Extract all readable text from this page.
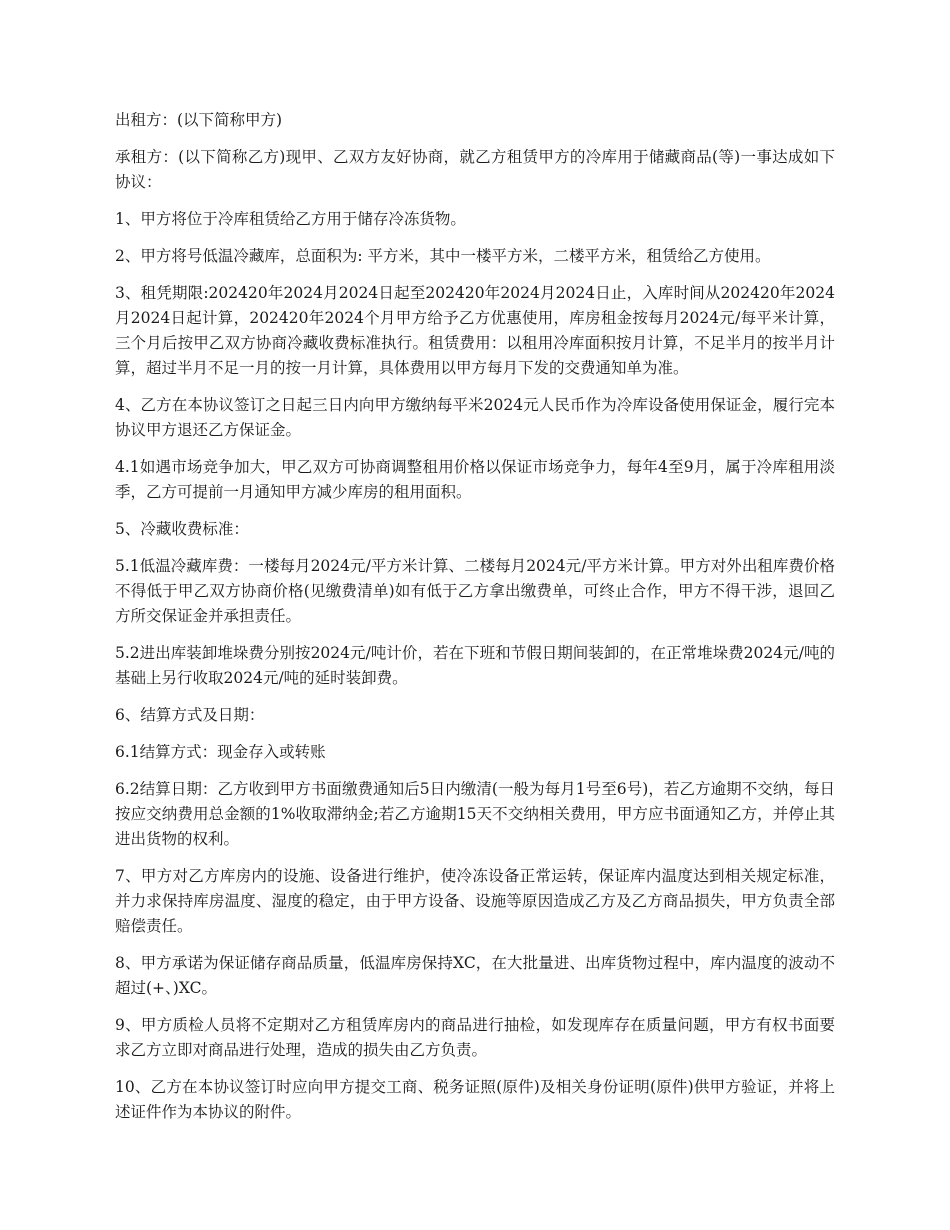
出租方：(以下简称甲方)

承租方：(以下简称乙方)现甲、乙双方友好协商，就乙方租赁甲方的冷库用于储藏商品(等)一事达成如下协议：

1、甲方将位于冷库租赁给乙方用于储存冷冻货物。

2、甲方将号低温冷藏库，总面积为: 平方米，其中一楼平方米，二楼平方米，租赁给乙方使用。

3、租凭期限:202420年2024月2024日起至202420年2024月2024日止，入库时间从202420年2024月2024日起计算，202420年2024个月甲方给予乙方优惠使用，库房租金按每月2024元/每平米计算，三个月后按甲乙双方协商冷藏收费标准执行。租赁费用：以租用冷库面积按月计算，不足半月的按半月计算，超过半月不足一月的按一月计算，具体费用以甲方每月下发的交费通知单为准。

4、乙方在本协议签订之日起三日内向甲方缴纳每平米2024元人民币作为冷库设备使用保证金，履行完本协议甲方退还乙方保证金。

4.1如遇市场竞争加大，甲乙双方可协商调整租用价格以保证市场竞争力，每年4至9月，属于冷库租用淡季，乙方可提前一月通知甲方减少库房的租用面积。

5、冷藏收费标准：

5.1低温冷藏库费：一楼每月2024元/平方米计算、二楼每月2024元/平方米计算。甲方对外出租库费价格不得低于甲乙双方协商价格(见缴费清单)如有低于乙方拿出缴费单，可终止合作，甲方不得干涉，退回乙方所交保证金并承担责任。

5.2进出库装卸堆垛费分别按2024元/吨计价，若在下班和节假日期间装卸的，在正常堆垛费2024元/吨的基础上另行收取2024元/吨的延时装卸费。

6、结算方式及日期：

6.1结算方式：现金存入或转账

6.2结算日期：乙方收到甲方书面缴费通知后5日内缴清(一般为每月1号至6号)，若乙方逾期不交纳，每日按应交纳费用总金额的1%收取滞纳金;若乙方逾期15天不交纳相关费用，甲方应书面通知乙方，并停止其进出货物的权利。

7、甲方对乙方库房内的设施、设备进行维护，使冷冻设备正常运转，保证库内温度达到相关规定标准，并力求保持库房温度、湿度的稳定，由于甲方设备、设施等原因造成乙方及乙方商品损失，甲方负责全部赔偿责任。

8、甲方承诺为保证储存商品质量，低温库房保持XC，在大批量进、出库货物过程中，库内温度的波动不超过(+、)XC。

9、甲方质检人员将不定期对乙方租赁库房内的商品进行抽检，如发现库存在质量问题，甲方有权书面要求乙方立即对商品进行处理，造成的损失由乙方负责。

10、乙方在本协议签订时应向甲方提交工商、税务证照(原件)及相关身份证明(原件)供甲方验证，并将上述证件作为本协议的附件。
